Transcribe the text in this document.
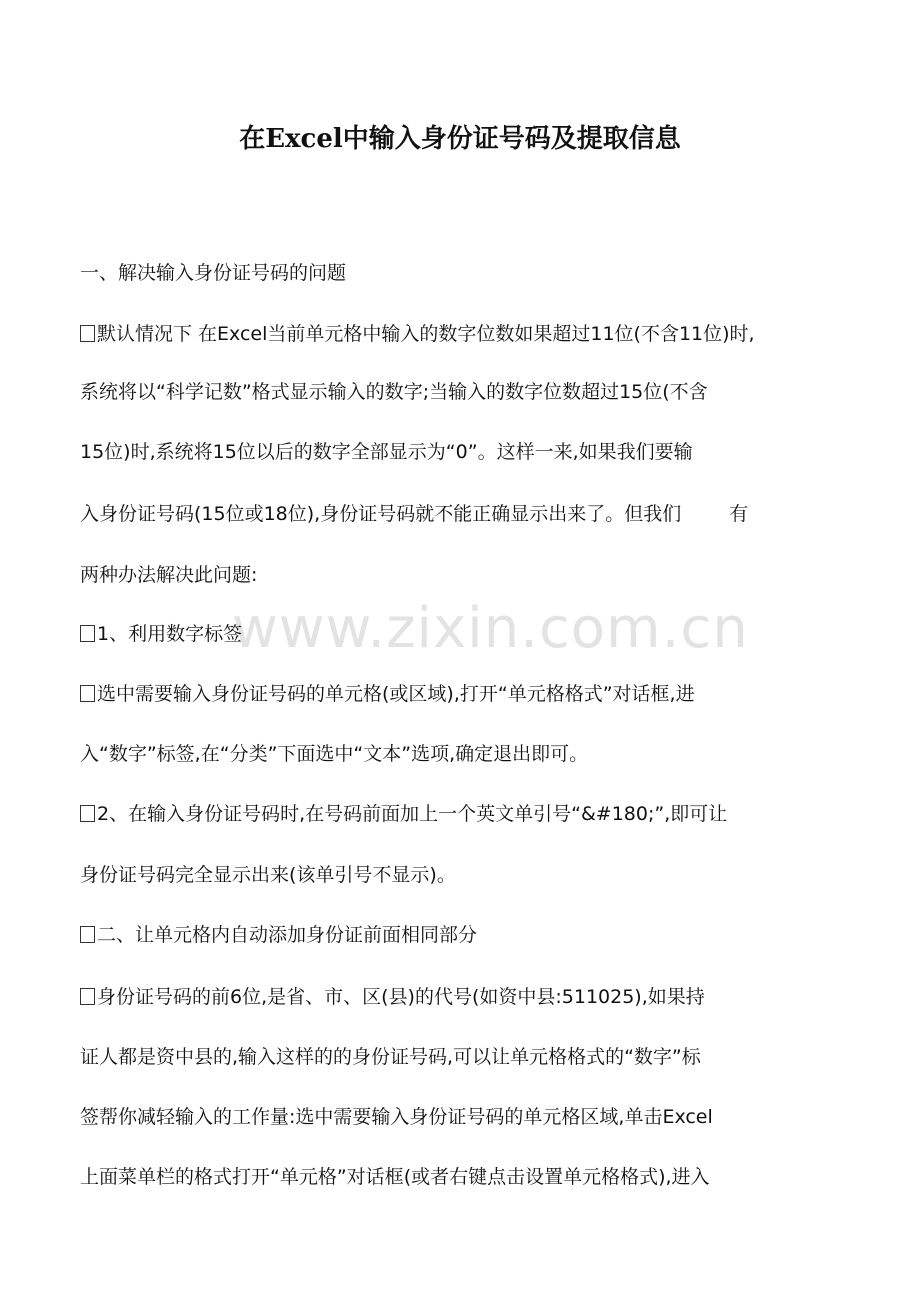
www.zixin.com.cn
在Excel中输入身份证号码及提取信息
一、解决输入身份证号码的问题
默认情况下 在Excel当前单元格中输入的数字位数如果超过11位(不含11位)时,
系统将以“科学记数”格式显示输入的数字;当输入的数字位数超过15位(不含
15位)时,系统将15位以后的数字全部显示为“0”。这样一来,如果我们要输
入身份证号码(15位或18位),身份证号码就不能正确显示出来了。但我们	有
两种办法解决此问题:
1、利用数字标签
选中需要输入身份证号码的单元格(或区域),打开“单元格格式”对话框,进
入“数字”标签,在“分类”下面选中“文本”选项,确定退出即可。
2、在输入身份证号码时,在号码前面加上一个英文单引号“&#180;”,即可让
身份证号码完全显示出来(该单引号不显示)。
二、让单元格内自动添加身份证前面相同部分
身份证号码的前6位,是省、市、区(县)的代号(如资中县:511025),如果持
证人都是资中县的,输入这样的的身份证号码,可以让单元格格式的“数字”标
签帮你减轻输入的工作量:选中需要输入身份证号码的单元格区域,单击Excel
上面菜单栏的格式打开“单元格”对话框(或者右键点击设置单元格格式),进入
